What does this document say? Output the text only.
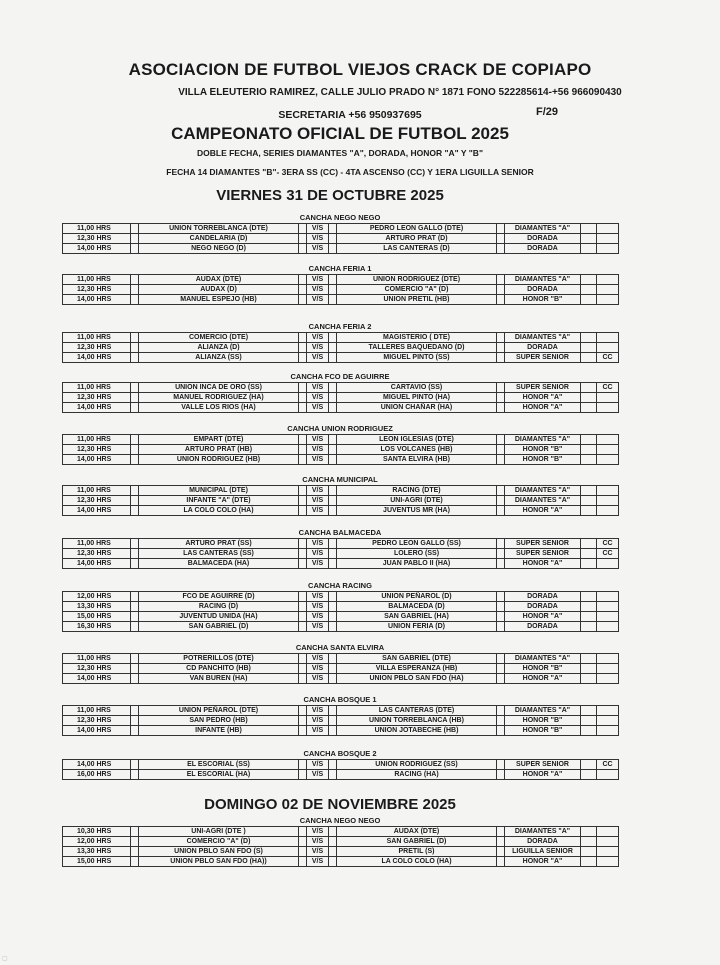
ASOCIACION DE FUTBOL VIEJOS CRACK DE COPIAPO
VILLA ELEUTERIO RAMIREZ, CALLE JULIO PRADO N° 1871 FONO 522285614-+56 966090430
SECRETARIA +56 950937695	F/29
CAMPEONATO OFICIAL DE FUTBOL 2025
DOBLE FECHA, SERIES DIAMANTES "A", DORADA, HONOR "A" Y "B"
FECHA 14 DIAMANTES "B"- 3ERA SS (CC) - 4TA ASCENSO (CC) Y 1ERA LIGUILLA SENIOR
VIERNES 31 DE OCTUBRE 2025
CANCHA NEGO NEGO
11,00 HRS		UNION TORREBLANCA (DTE)		V/S		PEDRO LEON GALLO (DTE)		DIAMANTES "A"		
12,30 HRS		CANDELARIA (D)		V/S		ARTURO PRAT (D)		DORADA		
14,00 HRS		NEGO NEGO (D)		V/S		LAS CANTERAS (D)		DORADA		
CANCHA FERIA 1
11,00 HRS		AUDAX (DTE)		V/S		UNION RODRIGUEZ (DTE)		DIAMANTES "A"		
12,30 HRS		AUDAX (D)		V/S		COMERCIO "A" (D)		DORADA		
14,00 HRS		MANUEL ESPEJO (HB)		V/S		UNION PRETIL (HB)		HONOR "B"		
CANCHA FERIA 2
11,00 HRS		COMERCIO (DTE)		V/S		MAGISTERIO ( DTE)		DIAMANTES "A"		
12,30 HRS		ALIANZA (D)		V/S		TALLERES BAQUEDANO (D)		DORADA		
14,00 HRS		ALIANZA (SS)		V/S		MIGUEL PINTO (SS)		SUPER SENIOR		CC
CANCHA FCO DE AGUIRRE
11,00 HRS		UNION INCA DE ORO (SS)		V/S		CARTAVIO (SS)		SUPER SENIOR		CC
12,30 HRS		MANUEL RODRIGUEZ (HA)		V/S		MIGUEL PINTO (HA)		HONOR "A"		
14,00 HRS		VALLE LOS RIOS (HA)		V/S		UNION CHAÑAR (HA)		HONOR "A"		
CANCHA UNION RODRIGUEZ
11,00 HRS		EMPART (DTE)		V/S		LEON IGLESIAS (DTE)		DIAMANTES "A"		
12,30 HRS		ARTURO PRAT (HB)		V/S		LOS VOLCANES (HB)		HONOR "B"		
14,00 HRS		UNION RODRIGUEZ (HB)		V/S		SANTA ELVIRA (HB)		HONOR "B"		
CANCHA MUNICIPAL
11,00 HRS		MUNICIPAL (DTE)		V/S		RACING (DTE)		DIAMANTES "A"		
12,30 HRS		INFANTE "A" (DTE)		V/S		UNI-AGRI (DTE)		DIAMANTES "A"		
14,00 HRS		LA COLO COLO (HA)		V/S		JUVENTUS MR (HA)		HONOR "A"		
CANCHA BALMACEDA
11,00 HRS		ARTURO PRAT (SS)		V/S		PEDRO LEON GALLO (SS)		SUPER SENIOR		CC
12,30 HRS		LAS CANTERAS (SS)		V/S		LOLERO (SS)		SUPER SENIOR		CC
14,00 HRS		BALMACEDA (HA)		V/S		JUAN PABLO II (HA)		HONOR "A"		
CANCHA RACING
12,00 HRS		FCO DE AGUIRRE (D)		V/S		UNION PEÑAROL (D)		DORADA		
13,30 HRS		RACING (D)		V/S		BALMACEDA (D)		DORADA		
15,00 HRS		JUVENTUD UNIDA (HA)		V/S		SAN GABRIEL (HA)		HONOR "A"		
16,30 HRS		SAN GABRIEL (D)		V/S		UNION FERIA (D)		DORADA		
CANCHA SANTA ELVIRA
11,00 HRS		POTRERILLOS (DTE)		V/S		SAN GABRIEL (DTE)		DIAMANTES "A"		
12,30 HRS		CD PANCHITO (HB)		V/S		VILLA ESPERANZA (HB)		HONOR "B"		
14,00 HRS		VAN BUREN (HA)		V/S		UNION PBLO SAN FDO (HA)		HONOR "A"		
CANCHA BOSQUE 1
11,00 HRS		UNION PEÑAROL (DTE)		V/S		LAS CANTERAS (DTE)		DIAMANTES "A"		
12,30 HRS		SAN PEDRO (HB)		V/S		UNION TORREBLANCA (HB)		HONOR "B"		
14,00 HRS		INFANTE (HB)		V/S		UNION JOTABECHE (HB)		HONOR "B"		
CANCHA BOSQUE 2
14,00 HRS		EL ESCORIAL (SS)		V/S		UNION RODRIGUEZ (SS)		SUPER SENIOR		CC
16,00 HRS		EL ESCORIAL (HA)		V/S		RACING (HA)		HONOR "A"		
DOMINGO 02 DE NOVIEMBRE 2025
CANCHA NEGO NEGO
10,30 HRS		UNI-AGRI (DTE )		V/S		AUDAX (DTE)		DIAMANTES "A"		
12,00 HRS		COMERCIO "A" (D)		V/S		SAN GABRIEL (D)		DORADA		
13,30 HRS		UNION PBLO SAN FDO (S)		V/S		PRETIL (S)		LIGUILLA SENIOR		
15,00 HRS		UNION PBLO SAN FDO (HA))		V/S		LA COLO COLO (HA)		HONOR "A"		
▢
